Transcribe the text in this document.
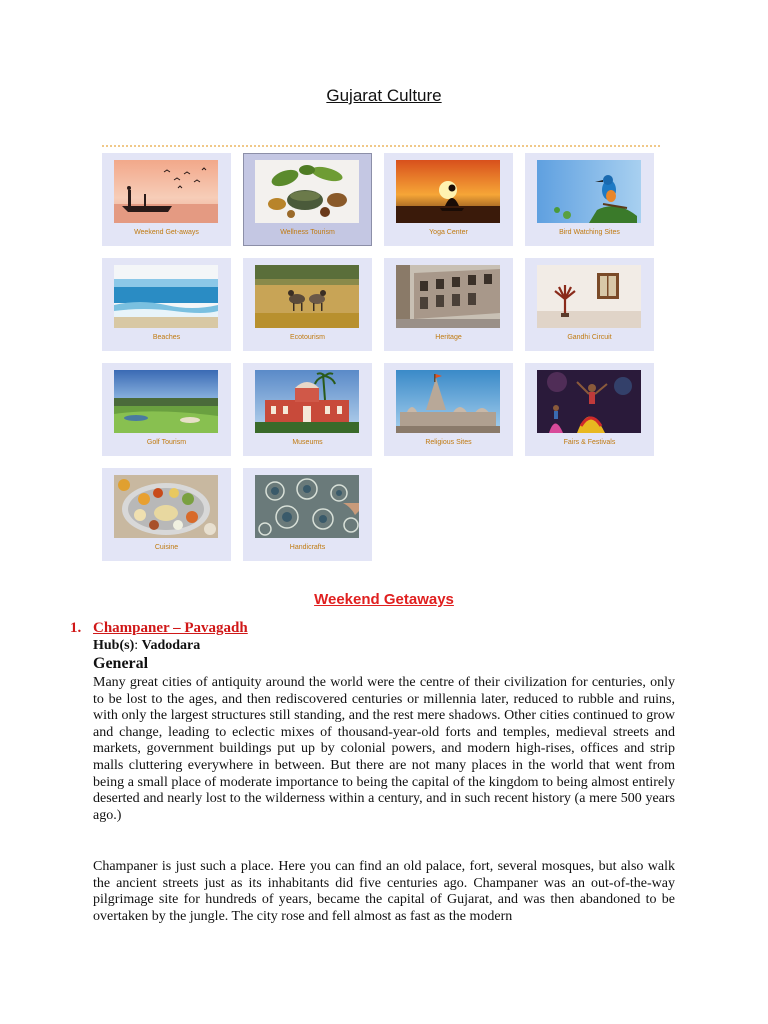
Gujarat Culture
Weekend Get-aways	Wellness Tourism	Yoga Center	Bird Watching Sites
Beaches	Ecotourism	Heritage	Gandhi Circuit
Golf Tourism	Museums	Religious Sites	Fairs & Festivals
Cuisine	Handicrafts
Weekend Getaways
1. Champaner – Pavagadh
Hub(s): Vadodara
General

Many great cities of antiquity around the world were the centre of their civilization for centuries, only to be lost to the ages, and then rediscovered centuries or millennia later, reduced to rubble and ruins, with only the largest structures still standing, and the rest mere shadows. Other cities continued to grow and change, leading to eclectic mixes of thousand-year-old forts and temples, medieval streets and markets, government buildings put up by colonial powers, and modern high-rises, offices and strip malls cluttering everywhere in between. But there are not many places in the world that went from being a small place of moderate importance to being the capital of the kingdom to being almost entirely deserted and nearly lost to the wilderness within a century, and in such recent history (a mere 500 years ago.)

Champaner is just such a place. Here you can find an old palace, fort, several mosques, but also walk the ancient streets just as its inhabitants did five centuries ago. Champaner was an out-of-the-way pilgrimage site for hundreds of years, became the capital of Gujarat, and was then abandoned to be overtaken by the jungle. The city rose and fell almost as fast as the modern
